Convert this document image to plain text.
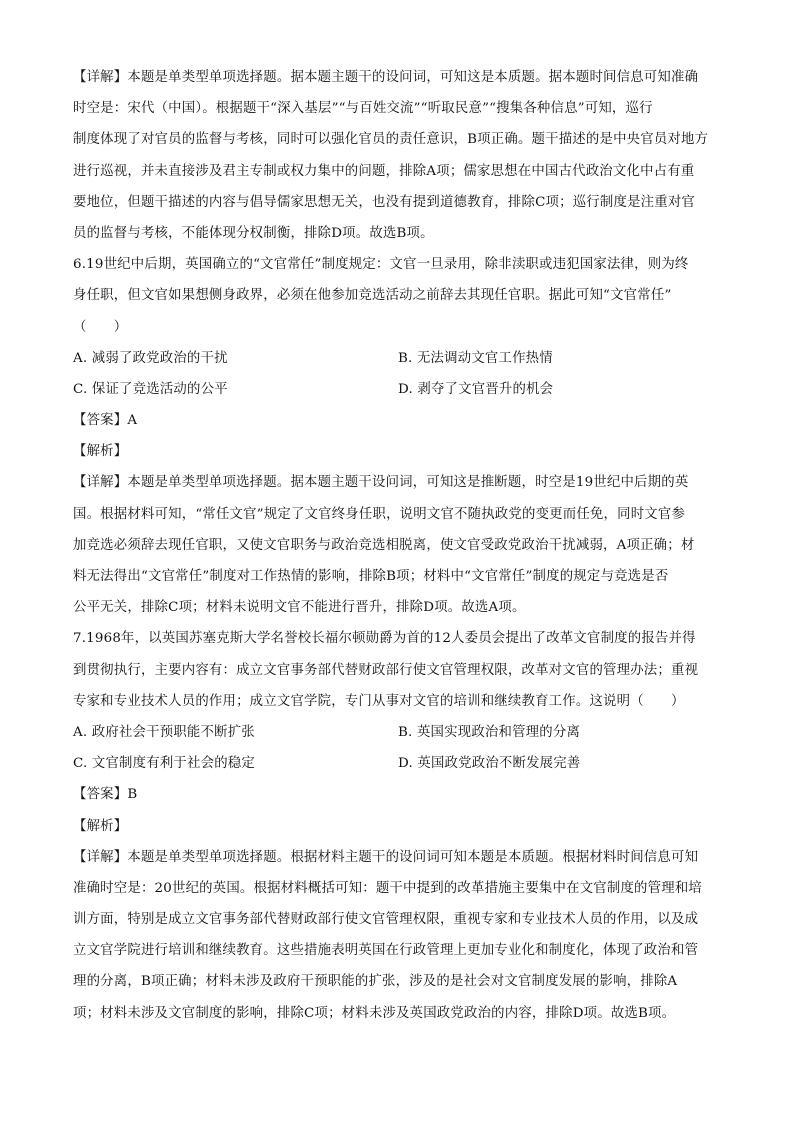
【详解】本题是单类型单项选择题。据本题主题干的设问词，可知这是本质题。据本题时间信息可知准确
时空是：宋代（中国）。根据题干“深入基层”“与百姓交流”“听取民意”“搜集各种信息”可知，巡行
制度体现了对官员的监督与考核，同时可以强化官员的责任意识，B项正确。题干描述的是中央官员对地方
进行巡视，并未直接涉及君主专制或权力集中的问题，排除A项；儒家思想在中国古代政治文化中占有重
要地位，但题干描述的内容与倡导儒家思想无关，也没有提到道德教育，排除C项；巡行制度是注重对官
员的监督与考核，不能体现分权制衡，排除D项。故选B项。
6.19世纪中后期，英国确立的“文官常任”制度规定：文官一旦录用，除非渎职或违犯国家法律，则为终
身任职，但文官如果想侧身政界，必须在他参加竞选活动之前辞去其现任官职。据此可知“文官常任”
（　　）
A. 减弱了政党政治的干扰	B. 无法调动文官工作热情
C. 保证了竞选活动的公平	D. 剥夺了文官晋升的机会
【答案】A
【解析】
【详解】本题是单类型单项选择题。据本题主题干设问词，可知这是推断题，时空是19世纪中后期的英
国。根据材料可知，“常任文官”规定了文官终身任职，说明文官不随执政党的变更而任免，同时文官参
加竞选必须辞去现任官职，又使文官职务与政治竞选相脱离，使文官受政党政治干扰减弱，A项正确；材
料无法得出“文官常任”制度对工作热情的影响，排除B项；材料中“文官常任”制度的规定与竞选是否
公平无关，排除C项；材料未说明文官不能进行晋升，排除D项。故选A项。
7.1968年，以英国苏塞克斯大学名誉校长福尔顿勋爵为首的12人委员会提出了改革文官制度的报告并得
到贯彻执行，主要内容有：成立文官事务部代替财政部行使文官管理权限，改革对文官的管理办法；重视
专家和专业技术人员的作用；成立文官学院，专门从事对文官的培训和继续教育工作。这说明（　　）
A. 政府社会干预职能不断扩张	B. 英国实现政治和管理的分离
C. 文官制度有利于社会的稳定	D. 英国政党政治不断发展完善
【答案】B
【解析】
【详解】本题是单类型单项选择题。根据材料主题干的设问词可知本题是本质题。根据材料时间信息可知
准确时空是：20世纪的英国。根据材料概括可知：题干中提到的改革措施主要集中在文官制度的管理和培
训方面，特别是成立文官事务部代替财政部行使文官管理权限，重视专家和专业技术人员的作用，以及成
立文官学院进行培训和继续教育。这些措施表明英国在行政管理上更加专业化和制度化，体现了政治和管
理的分离，B项正确；材料未涉及政府干预职能的扩张，涉及的是社会对文官制度发展的影响，排除A
项；材料未涉及文官制度的影响，排除C项；材料未涉及英国政党政治的内容，排除D项。故选B项。
